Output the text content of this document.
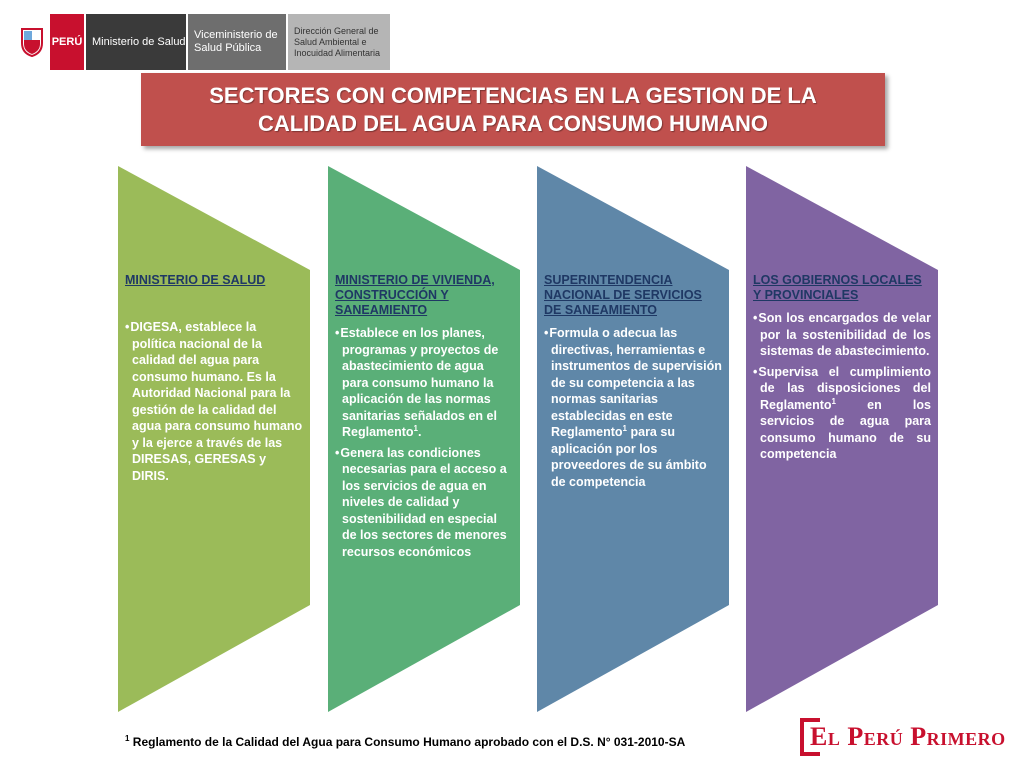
PERÚ Ministerio de Salud
Viceministerio de Salud Pública
Dirección General de Salud Ambiental e Inocuidad Alimentaria
SECTORES CON COMPETENCIAS EN LA GESTION DE LA CALIDAD DEL AGUA PARA CONSUMO HUMANO
MINISTERIO DE SALUD
• DIGESA, establece la política nacional de la calidad del agua para consumo humano. Es la Autoridad Nacional para la gestión de la calidad del agua para consumo humano y la ejerce a través de las DIRESAS, GERESAS y DIRIS.
MINISTERIO DE VIVIENDA, CONSTRUCCIÓN Y SANEAMIENTO
• Establece en los planes, programas y proyectos de abastecimiento de agua para consumo humano la aplicación de las normas sanitarias señalados en el Reglamento$^1$.
• Genera las condiciones necesarias para el acceso a los servicios de agua en niveles de calidad y sostenibilidad en especial de los sectores de menores recursos económicos
SUPERINTENDENCIA NACIONAL DE SERVICIOS DE SANEAMIENTO
• Formula o adecua las directivas, herramientas e instrumentos de supervisión de su competencia a las normas sanitarias establecidas en este Reglamento$^1$ para su aplicación por los proveedores de su ámbito de competencia
LOS GOBIERNOS LOCALES Y PROVINCIALES
• Son los encargados de velar por la sostenibilidad de los sistemas de abastecimiento.
• Supervisa el cumplimiento de las disposiciones del Reglamento$^1$ en los servicios de agua para consumo humano de su competencia
$^1$ Reglamento de la Calidad del Agua para Consumo Humano aprobado con el D.S. N° 031-2010-SA	El Perú Primero
